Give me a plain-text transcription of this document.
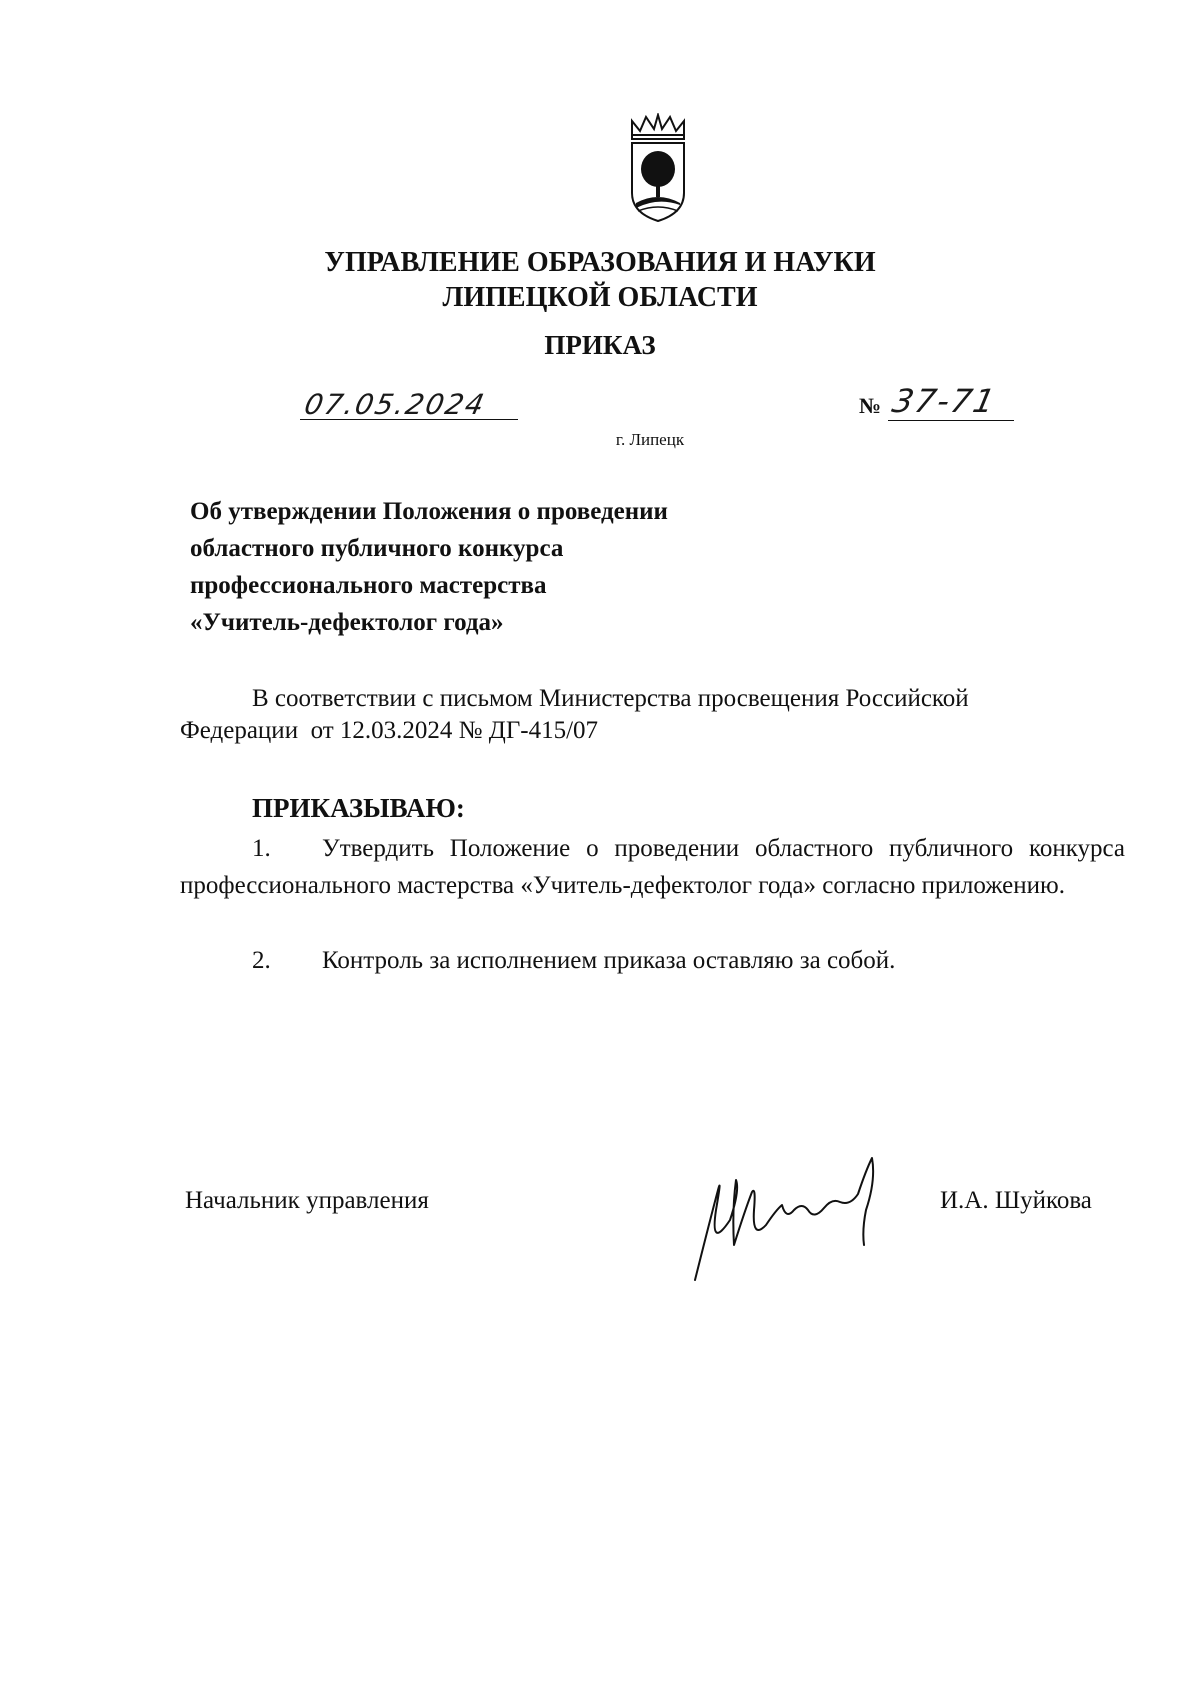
УПРАВЛЕНИЕ ОБРАЗОВАНИЯ И НАУКИ
ЛИПЕЦКОЙ ОБЛАСТИ
ПРИКАЗ
07.05.2024	№ 37-71
г. Липецк
Об утверждении Положения о проведении
областного публичного конкурса
профессионального мастерства
«Учитель-дефектолог года»
В соответствии с письмом Министерства просвещения Российской
Федерации  от 12.03.2024 № ДГ-415/07
ПРИКАЗЫВАЮ:
1. Утвердить Положение о проведении областного публичного конкурса профессионального мастерства «Учитель-дефектолог года» согласно приложению.
2. Контроль за исполнением приказа оставляю за собой.
Начальник управления	И.А. Шуйкова
